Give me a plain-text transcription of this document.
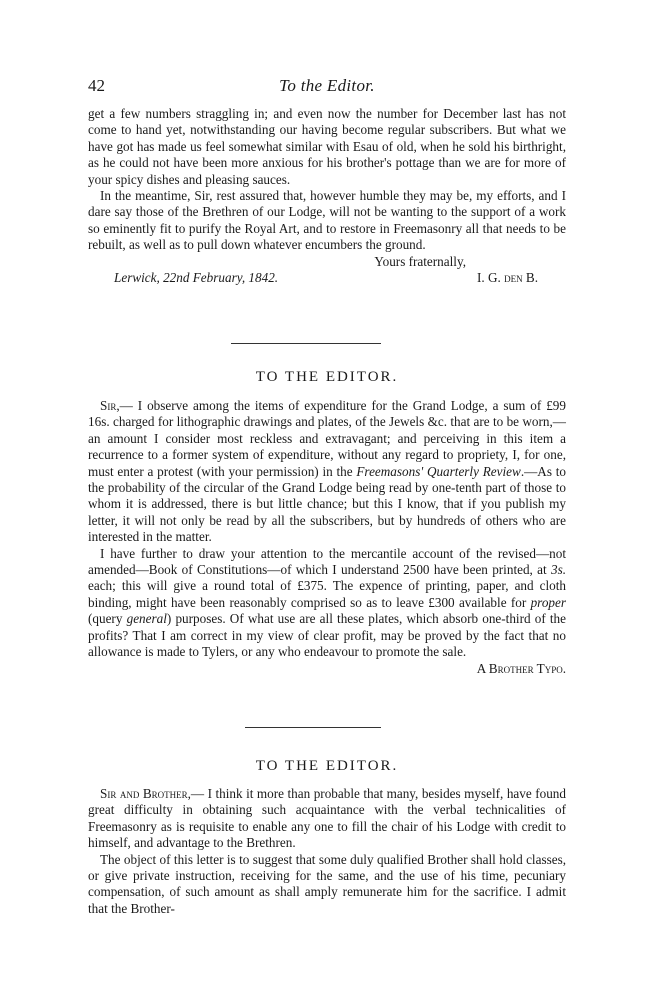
42	To the Editor.

get a few numbers straggling in; and even now the number for December last has not come to hand yet, notwithstanding our having become regular subscribers. But what we have got has made us feel somewhat similar with Esau of old, when he sold his birthright, as he could not have been more anxious for his brother's pottage than we are for more of your spicy dishes and pleasing sauces.

In the meantime, Sir, rest assured that, however humble they may be, my efforts, and I dare say those of the Brethren of our Lodge, will not be wanting to the support of a work so eminently fit to purify the Royal Art, and to restore in Freemasonry all that needs to be rebuilt, as well as to pull down whatever encumbers the ground.

Yours fraternally,

Lerwick, 22nd February, 1842.	I. G. den B.
TO THE EDITOR.

Sir,— I observe among the items of expenditure for the Grand Lodge, a sum of £99 16s. charged for lithographic drawings and plates, of the Jewels &c. that are to be worn,—an amount I consider most reckless and extravagant; and perceiving in this item a recurrence to a former system of expenditure, without any regard to propriety, I, for one, must enter a protest (with your permission) in the Freemasons' Quarterly Review.—As to the probability of the circular of the Grand Lodge being read by one-tenth part of those to whom it is addressed, there is but little chance; but this I know, that if you publish my letter, it will not only be read by all the subscribers, but by hundreds of others who are interested in the matter.

I have further to draw your attention to the mercantile account of the revised—not amended—Book of Constitutions—of which I understand 2500 have been printed, at 3s. each; this will give a round total of £375. The expence of printing, paper, and cloth binding, might have been reasonably comprised so as to leave £300 available for proper (query general) purposes. Of what use are all these plates, which absorb one-third of the profits? That I am correct in my view of clear profit, may be proved by the fact that no allowance is made to Tylers, or any who endeavour to promote the sale.

A Brother Typo.

TO THE EDITOR.

Sir and Brother,— I think it more than probable that many, besides myself, have found great difficulty in obtaining such acquaintance with the verbal technicalities of Freemasonry as is requisite to enable any one to fill the chair of his Lodge with credit to himself, and advantage to the Brethren.

The object of this letter is to suggest that some duly qualified Brother shall hold classes, or give private instruction, receiving for the same, and the use of his time, pecuniary compensation, of such amount as shall amply remunerate him for the sacrifice. I admit that the Brother-
